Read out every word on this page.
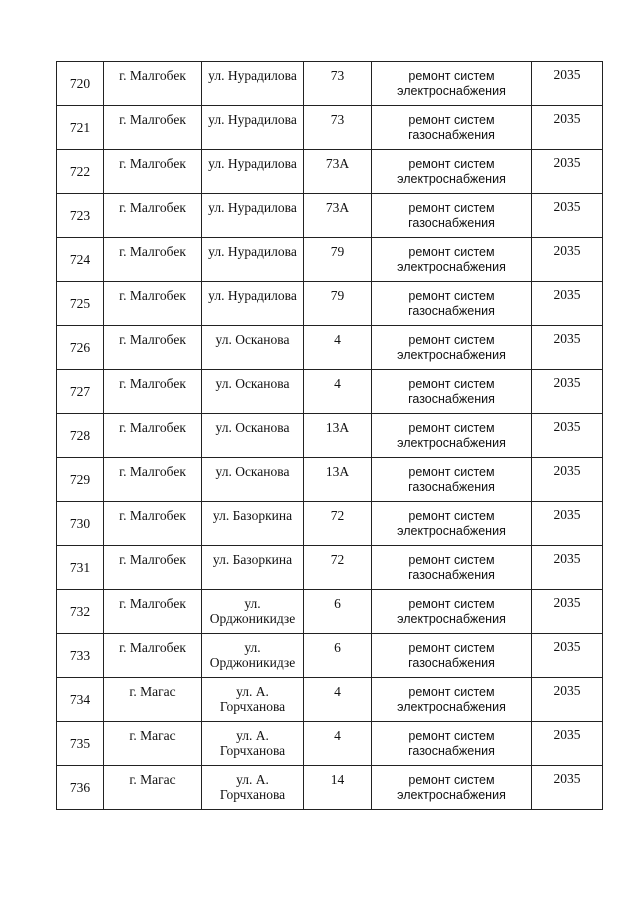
720	г. Малгобек	ул. Нурадилова	73	ремонт систем
электроснабжения	2035

721	г. Малгобек	ул. Нурадилова	73	ремонт систем
газоснабжения	2035

722	г. Малгобек	ул. Нурадилова	73А	ремонт систем
электроснабжения	2035

723	г. Малгобек	ул. Нурадилова	73А	ремонт систем
газоснабжения	2035

724	г. Малгобек	ул. Нурадилова	79	ремонт систем
электроснабжения	2035

725	г. Малгобек	ул. Нурадилова	79	ремонт систем
газоснабжения	2035

726	г. Малгобек	ул. Осканова	4	ремонт систем
электроснабжения	2035

727	г. Малгобек	ул. Осканова	4	ремонт систем
газоснабжения	2035

728	г. Малгобек	ул. Осканова	13А	ремонт систем
электроснабжения	2035

729	г. Малгобек	ул. Осканова	13А	ремонт систем
газоснабжения	2035

730	г. Малгобек	ул. Базоркина	72	ремонт систем
электроснабжения	2035

731	г. Малгобек	ул. Базоркина	72	ремонт систем
газоснабжения	2035

732	г. Малгобек	ул.
Орджоникидзе	6	ремонт систем
электроснабжения	2035

733	г. Малгобек	ул.
Орджоникидзе	6	ремонт систем
газоснабжения	2035

734	г. Магас	ул. А.
Горчханова	4	ремонт систем
электроснабжения	2035

735	г. Магас	ул. А.
Горчханова	4	ремонт систем
газоснабжения	2035

736	г. Магас	ул. А.
Горчханова	14	ремонт систем
электроснабжения	2035
